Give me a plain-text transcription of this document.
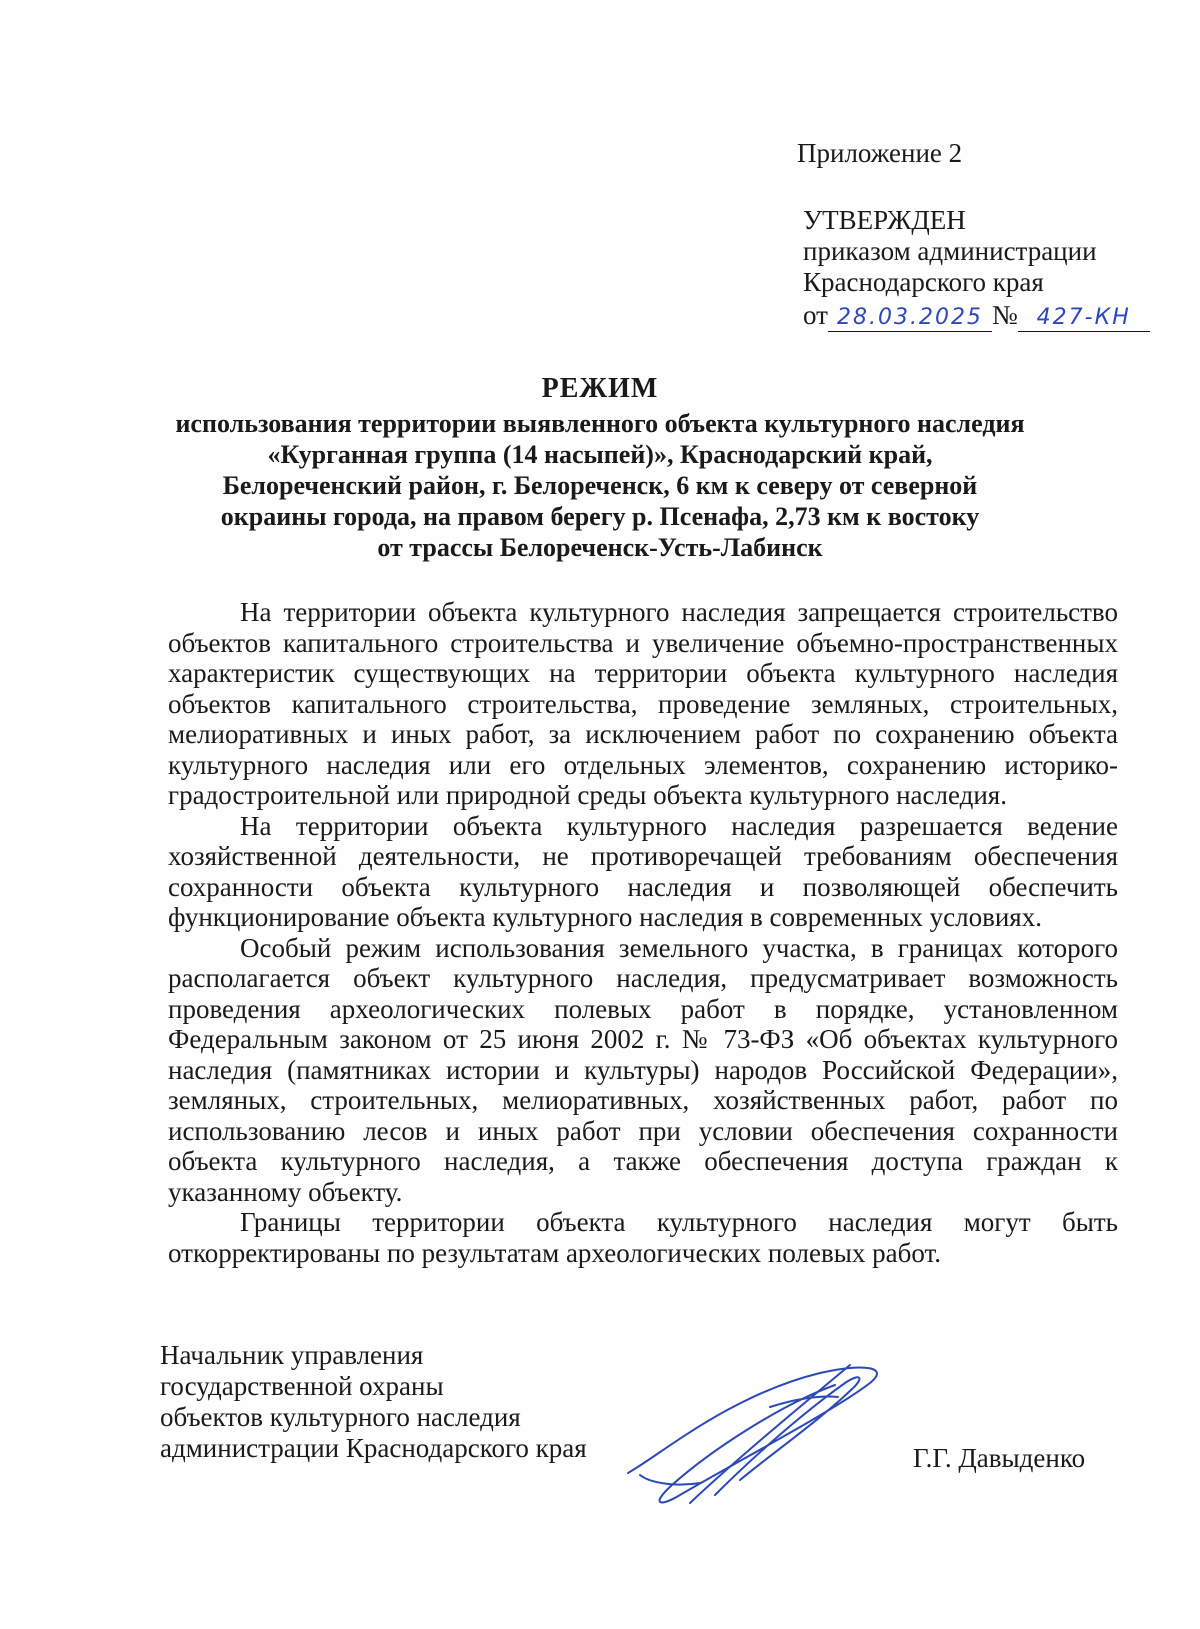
Приложение 2
УТВЕРЖДЕН
приказом администрации
Краснодарского края
от 28.03.2025 № 427-КН
РЕЖИМ
использования территории выявленного объекта культурного наследия
«Курганная группа (14 насыпей)», Краснодарский край,
Белореченский район, г. Белореченск, 6 км к северу от северной
окраины города, на правом берегу р. Псенафа, 2,73 км к востоку
от трассы Белореченск-Усть-Лабинск

На территории объекта культурного наследия запрещается строительство объектов капитального строительства и увеличение объемно-пространственных характеристик существующих на территории объекта культурного наследия объектов капитального строительства, проведение земляных, строительных, мелиоративных и иных работ, за исключением работ по сохранению объекта культурного наследия или его отдельных элементов, сохранению историко-градостроительной или природной среды объекта культурного наследия.

На территории объекта культурного наследия разрешается ведение хозяйственной деятельности, не противоречащей требованиям обеспечения сохранности объекта культурного наследия и позволяющей обеспечить функционирование объекта культурного наследия в современных условиях.

Особый режим использования земельного участка, в границах которого располагается объект культурного наследия, предусматривает возможность проведения археологических полевых работ в порядке, установленном Федеральным законом от 25 июня 2002 г. № 73-ФЗ «Об объектах культурного наследия (памятниках истории и культуры) народов Российской Федерации», земляных, строительных, мелиоративных, хозяйственных работ, работ по использованию лесов и иных работ при условии обеспечения сохранности объекта культурного наследия, а также обеспечения доступа граждан к указанному объекту.

Границы территории объекта культурного наследия могут быть откорректированы по результатам археологических полевых работ.

Начальник управления
государственной охраны
объектов культурного наследия
администрации Краснодарского края	Г.Г. Давыденко
